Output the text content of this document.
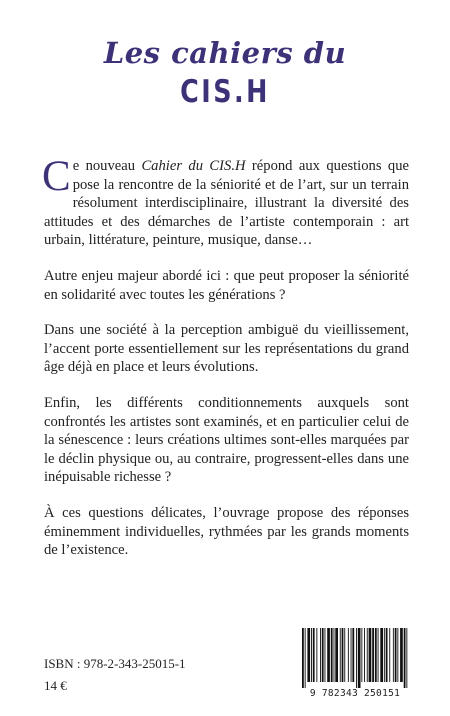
Les cahiers du
CIS.H

Ce nouveau Cahier du CIS.H répond aux questions que pose la rencontre de la séniorité et de l’art, sur un terrain résolument interdisciplinaire, illustrant la diversité des attitudes et des démarches de l’artiste contemporain : art urbain, littérature, peinture, musique, danse…

Autre enjeu majeur abordé ici : que peut proposer la séniorité en solidarité avec toutes les générations ?

Dans une société à la perception ambiguë du vieillissement, l’accent porte essentiellement sur les représentations du grand âge déjà en place et leurs évolutions.

Enfin, les différents conditionnements auxquels sont confrontés les artistes sont examinés, et en particulier celui de la sénescence : leurs créations ultimes sont-elles marquées par le déclin physique ou, au contraire, progressent-elles dans une inépuisable richesse ?

À ces questions délicates, l’ouvrage propose des réponses éminemment individuelles, rythmées par les grands moments de l’existence.

ISBN : 978-2-343-25015-1
14 €
9 782343 250151
